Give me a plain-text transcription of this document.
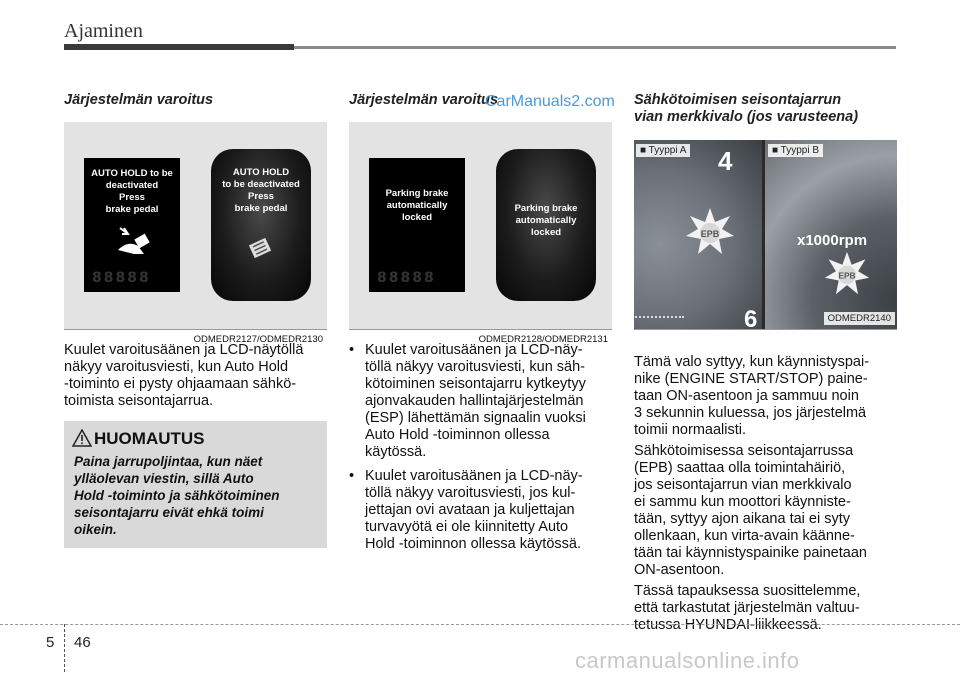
Ajaminen
Järjestelmän varoitus
AUTO HOLD to be
deactivated
Press
brake pedal
88888
AUTO HOLD
to be deactivated
Press
brake pedal
ODMEDR2127/ODMEDR2130
Kuulet varoitusäänen ja LCD-näytöllä
näkyy varoitusviesti, kun Auto Hold
-toiminto ei pysty ohjaamaan sähkö-
toimista seisontajarrua.
HUOMAUTUS
Paina jarrupoljintaa, kun näet
ylläolevan viestin, sillä Auto
Hold -toiminto ja sähkötoiminen
seisontajarru eivät ehkä toimi
oikein.
Järjestelmän varoitus
CarManuals2.com
Parking brake
automatically
locked
88888
Parking brake
automatically
locked
ODMEDR2128/ODMEDR2131
• Kuulet varoitusäänen ja LCD-näy-
töllä näkyy varoitusviesti, kun säh-
kötoiminen seisontajarru kytkeytyy
ajonvakauden hallintajärjestelmän
(ESP) lähettämän signaalin vuoksi
Auto Hold -toiminnon ollessa
käytössä.
• Kuulet varoitusäänen ja LCD-näy-
töllä näkyy varoitusviesti, jos kul-
jettajan ovi avataan ja kuljettajan
turvavyötä ei ole kiinnitetty Auto
Hold -toiminnon ollessa käytössä.
Sähkötoimisen seisontajarrun
vian merkkivalo (jos varusteena)
4
6
EPB	x1000rpm
EPB
■ Tyyppi A	■ Tyyppi B
ODMEDR2140
Tämä valo syttyy, kun käynnistyspai-
nike (ENGINE START/STOP) paine-
taan ON-asentoon ja sammuu noin
3 sekunnin kuluessa, jos järjestelmä
toimii normaalisti.
Sähkötoimisessa seisontajarrussa
(EPB) saattaa olla toimintahäiriö,
jos seisontajarrun vian merkkivalo
ei sammu kun moottori käynniste-
tään, syttyy ajon aikana tai ei syty
ollenkaan, kun virta-avain käänne-
tään tai käynnistyspainike painetaan
ON-asentoon.
Tässä tapauksessa suosittelemme,
että tarkastutat järjestelmän valtuu-
tetussa HYUNDAI-liikkeessä.
5 46
carmanualsonline.info
